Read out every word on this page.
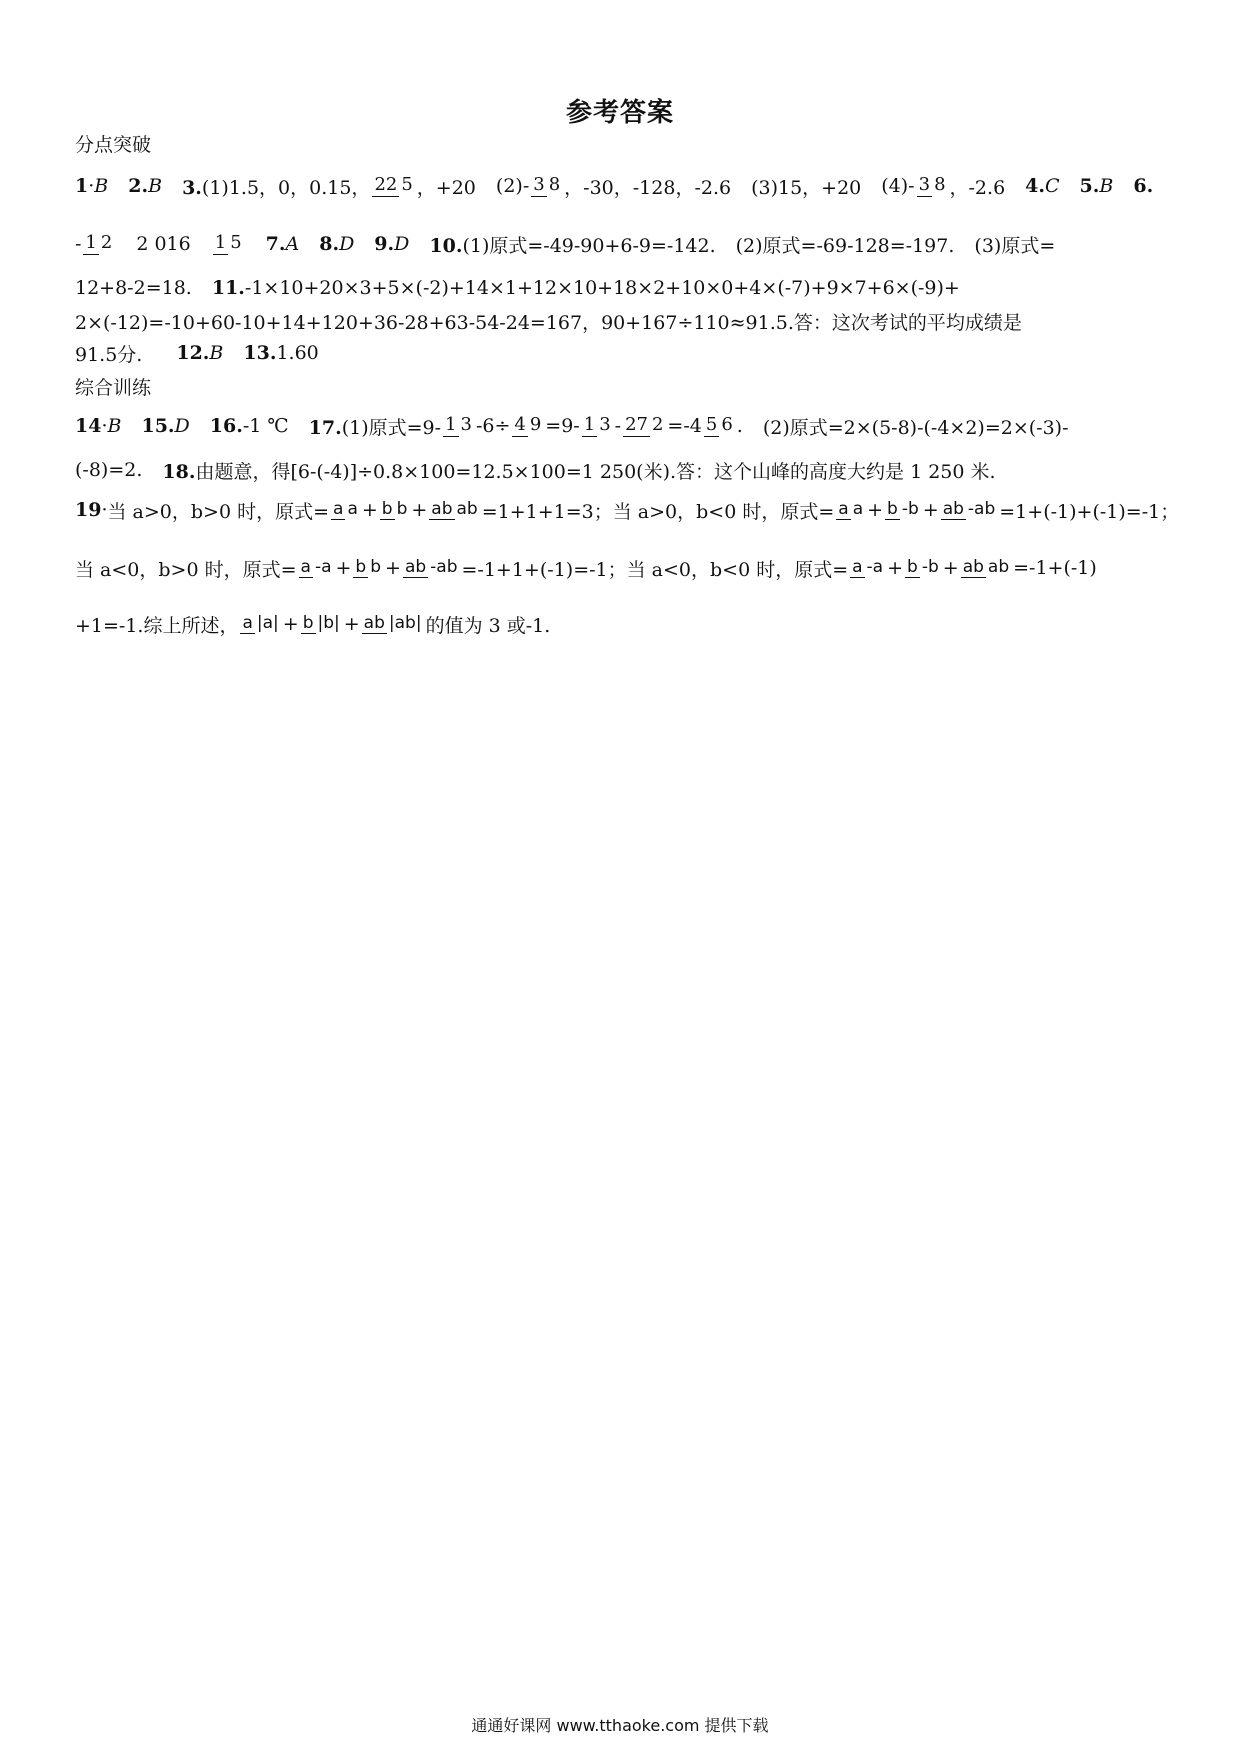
参考答案
分点突破
1·B 2.B 3.(1)1.5，0，0.15， 22 5 ，+20 (2)- 3 8 ，-30，-128，-2.6 (3)15，+20 (4)- 3 8 ，-2.6 4.C 5.B 6.
- 1 2 2 016 1 5 7.A 8.D 9.D 10.(1)原式=-49-90+6-9=-142. (2)原式=-69-128=-197. (3)原式=
12+8-2=18. 11.-1×10+20×3+5×(-2)+14×1+12×10+18×2+10×0+4×(-7)+9×7+6×(-9)+
2×(-12)=-10+60-10+14+120+36-28+63-54-24=167，90+167÷110≈91.5.答：这次考试的平均成绩是
91.5分. 12.B 13.1.60
综合训练
14·B 15.D 16.-1 ℃ 17.(1)原式=9- 1 3 -6÷ 4 9 =9- 1 3 - 27 2 =-4 5 6 . (2)原式=2×(5-8)-(-4×2)=2×(-3)-
(-8)=2. 18.由题意，得[6-(-4)]÷0.8×100=12.5×100=1 250(米).答：这个山峰的高度大约是 1 250 米.
19· 当 a>0，b>0 时，原式= a a + b b + ab ab =1+1+1=3；当 a>0，b<0 时，原式= a a + b -b + ab -ab =1+(-1)+(-1)=-1；
当 a<0，b>0 时，原式= a -a + b b + ab -ab =-1+1+(-1)=-1；当 a<0，b<0 时，原式= a -a + b -b + ab ab =-1+(-1)
+1=-1.综上所述， a |a| + b |b| + ab |ab| 的值为 3 或-1.
通通好课网 www.tthaoke.com 提供下载
